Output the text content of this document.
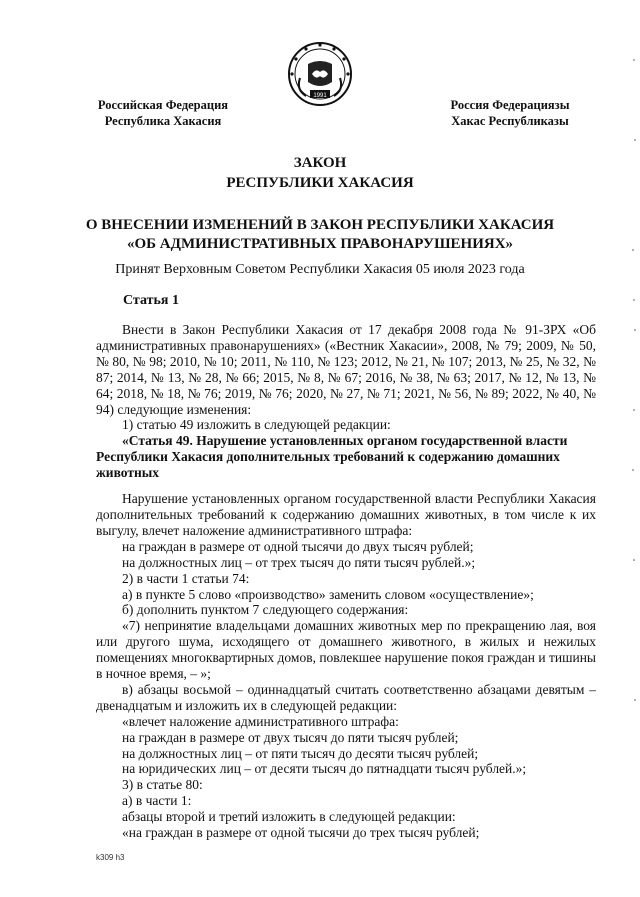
1991
Российская Федерация
Республика Хакасия
Россия Федерациязы
Хакас Республиказы
ЗАКОН
РЕСПУБЛИКИ ХАКАСИЯ
О ВНЕСЕНИИ ИЗМЕНЕНИЙ В ЗАКОН РЕСПУБЛИКИ ХАКАСИЯ
«ОБ АДМИНИСТРАТИВНЫХ ПРАВОНАРУШЕНИЯХ»
Принят Верховным Советом Республики Хакасия 05 июля 2023 года
Статья 1

Внести в Закон Республики Хакасия от 17 декабря 2008 года № 91-ЗРХ «Об административных правонарушениях» («Вестник Хакасии», 2008, № 79; 2009, № 50, № 80, № 98; 2010, № 10; 2011, № 110, № 123; 2012, № 21, № 107; 2013, № 25, № 32, № 87; 2014, № 13, № 28, № 66; 2015, № 8, № 67; 2016, № 38, № 63; 2017, № 12, № 13, № 64; 2018, № 18, № 76; 2019, № 76; 2020, № 27, № 71; 2021, № 56, № 89; 2022, № 40, № 94) следующие изменения:

1) статью 49 изложить в следующей редакции:

«Статья 49. Нарушение установленных органом государственной власти Республики Хакасия дополнительных требований к содержанию домашних животных

Нарушение установленных органом государственной власти Республики Хакасия дополнительных требований к содержанию домашних животных, в том числе к их выгулу, влечет наложение административного штрафа:

на граждан в размере от одной тысячи до двух тысяч рублей;

на должностных лиц – от трех тысяч до пяти тысяч рублей.»;

2) в части 1 статьи 74:

а) в пункте 5 слово «производство» заменить словом «осуществление»;

б) дополнить пунктом 7 следующего содержания:

«7) непринятие владельцами домашних животных мер по прекращению лая, воя или другого шума, исходящего от домашнего животного, в жилых и нежилых помещениях многоквартирных домов, повлекшее нарушение покоя граждан и тишины в ночное время, – »;

в) абзацы восьмой – одиннадцатый считать соответственно абзацами девятым – двенадцатым и изложить их в следующей редакции:

«влечет наложение административного штрафа:

на граждан в размере от двух тысяч до пяти тысяч рублей;

на должностных лиц – от пяти тысяч до десяти тысяч рублей;

на юридических лиц – от десяти тысяч до пятнадцати тысяч рублей.»;

3) в статье 80:

а) в части 1:

абзацы второй и третий изложить в следующей редакции:

«на граждан в размере от одной тысячи до трех тысяч рублей;

k309 h3
